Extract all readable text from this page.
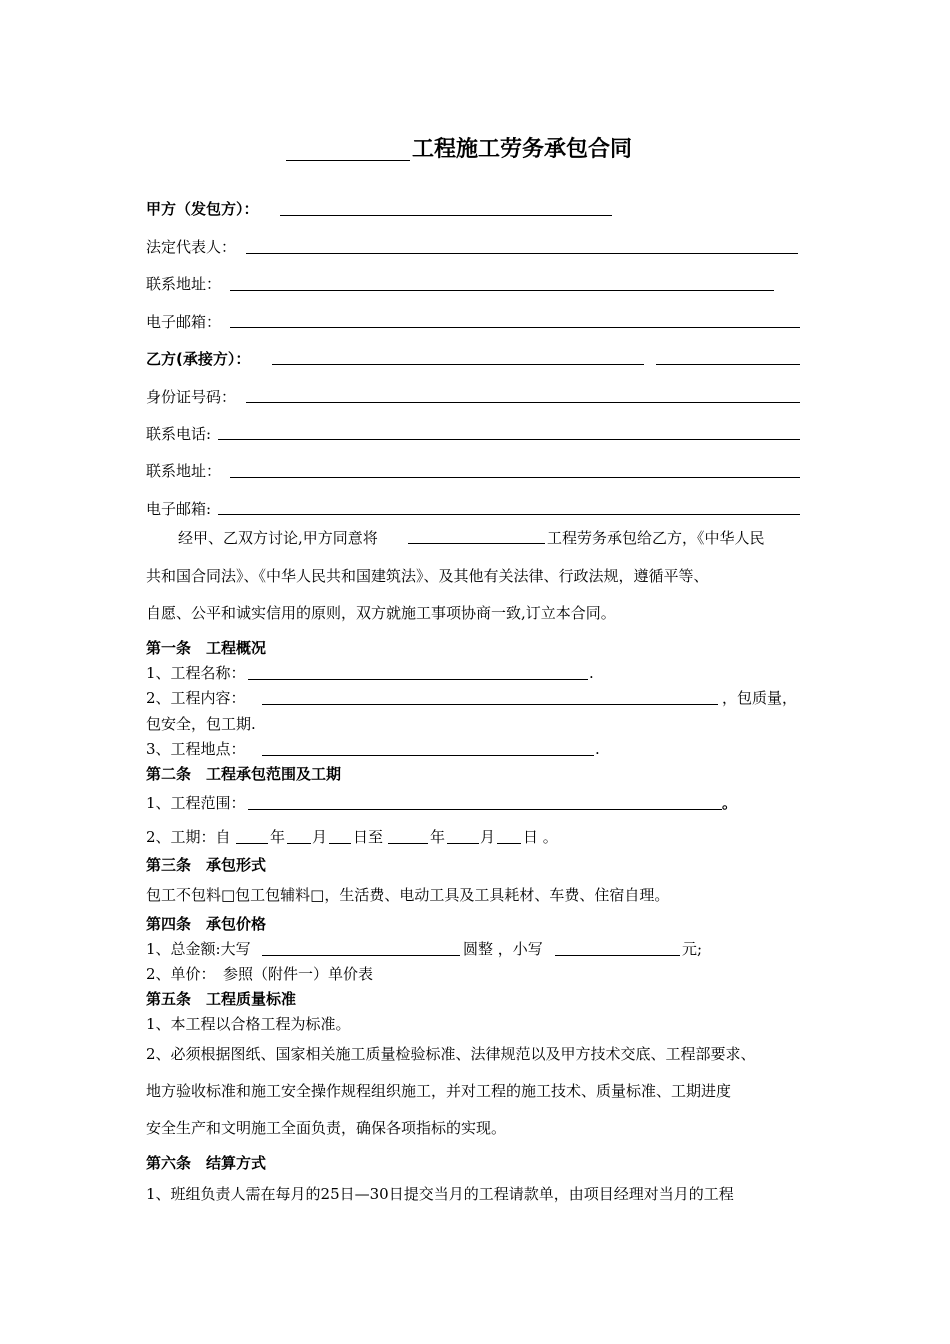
工程施工劳务承包合同
甲方（发包方）：
法定代表人：
联系地址：
电子邮箱：
乙方(承接方）：
身份证号码：
联系电话:
联系地址：
电子邮箱:
经甲、乙双方讨论,甲方同意将	工程劳务承包给乙方，《中华人民
共和国合同法》、《中华人民共和国建筑法》、及其他有关法律、行政法规，遵循平等、
自愿、公平和诚实信用的原则，双方就施工事项协商一致,订立本合同。
第一条　工程概况
1、工程名称：	.
2、工程内容：	，包质量，
包安全，包工期.
3、工程地点：	.
第二条　工程承包范围及工期
1、工程范围：	。
2、工期：自	年 月 日至	年 月 日 。
第三条　承包形式
包工不包料□包工包辅料□，生活费、电动工具及工具耗材、车费、住宿自理。
第四条　承包价格
1、总金额:大写	圆整 ，小写	元;
2、单价：　参照（附件一）单价表
第五条　工程质量标准
1、本工程以合格工程为标准。
2、必须根据图纸、国家相关施工质量检验标准、法律规范以及甲方技术交底、工程部要求、
地方验收标准和施工安全操作规程组织施工，并对工程的施工技术、质量标准、工期进度
安全生产和文明施工全面负责，确保各项指标的实现。
第六条　结算方式
1、班组负责人需在每月的25日—30日提交当月的工程请款单，由项目经理对当月的工程
